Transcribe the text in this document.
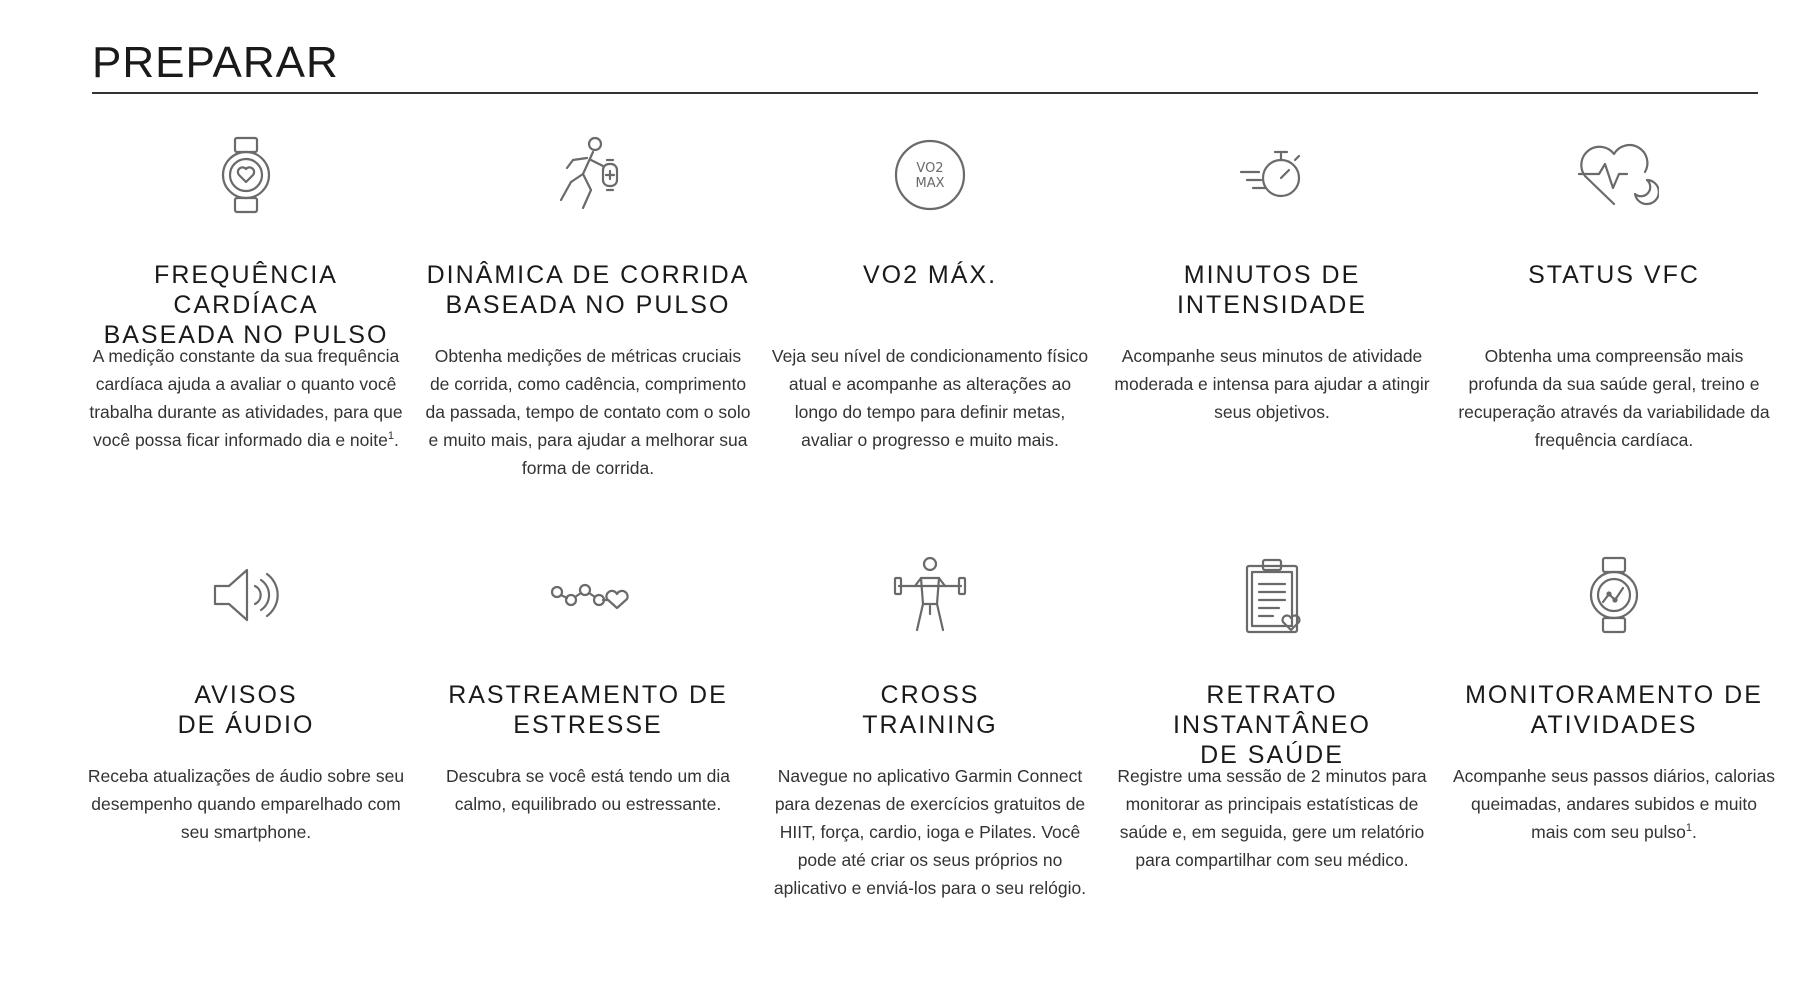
PREPARAR
FREQUÊNCIA CARDÍACA
BASEADA NO PULSO
A medição constante da sua frequência cardíaca ajuda a avaliar o quanto você trabalha durante as atividades, para que você possa ficar informado dia e noite$^1$.
DINÂMICA DE CORRIDA
BASEADA NO PULSO
Obtenha medições de métricas cruciais de corrida, como cadência, comprimento da passada, tempo de contato com o solo e muito mais, para ajudar a melhorar sua forma de corrida.
VO2
MAX
VO2 MÁX.
Veja seu nível de condicionamento físico atual e acompanhe as alterações ao longo do tempo para definir metas, avaliar o progresso e muito mais.
MINUTOS DE
INTENSIDADE
Acompanhe seus minutos de atividade moderada e intensa para ajudar a atingir seus objetivos.
STATUS VFC
Obtenha uma compreensão mais profunda da sua saúde geral, treino e recuperação através da variabilidade da frequência cardíaca.
AVISOS
DE ÁUDIO
Receba atualizações de áudio sobre seu desempenho quando emparelhado com seu smartphone.
RASTREAMENTO DE
ESTRESSE
Descubra se você está tendo um dia calmo, equilibrado ou estressante.
CROSS
TRAINING
Navegue no aplicativo Garmin Connect para dezenas de exercícios gratuitos de HIIT, força, cardio, ioga e Pilates. Você pode até criar os seus próprios no aplicativo e enviá-los para o seu relógio.
RETRATO INSTANTÂNEO
DE SAÚDE
Registre uma sessão de 2 minutos para monitorar as principais estatísticas de saúde e, em seguida, gere um relatório para compartilhar com seu médico.
MONITORAMENTO DE
ATIVIDADES
Acompanhe seus passos diários, calorias queimadas, andares subidos e muito mais com seu pulso$^1$.
